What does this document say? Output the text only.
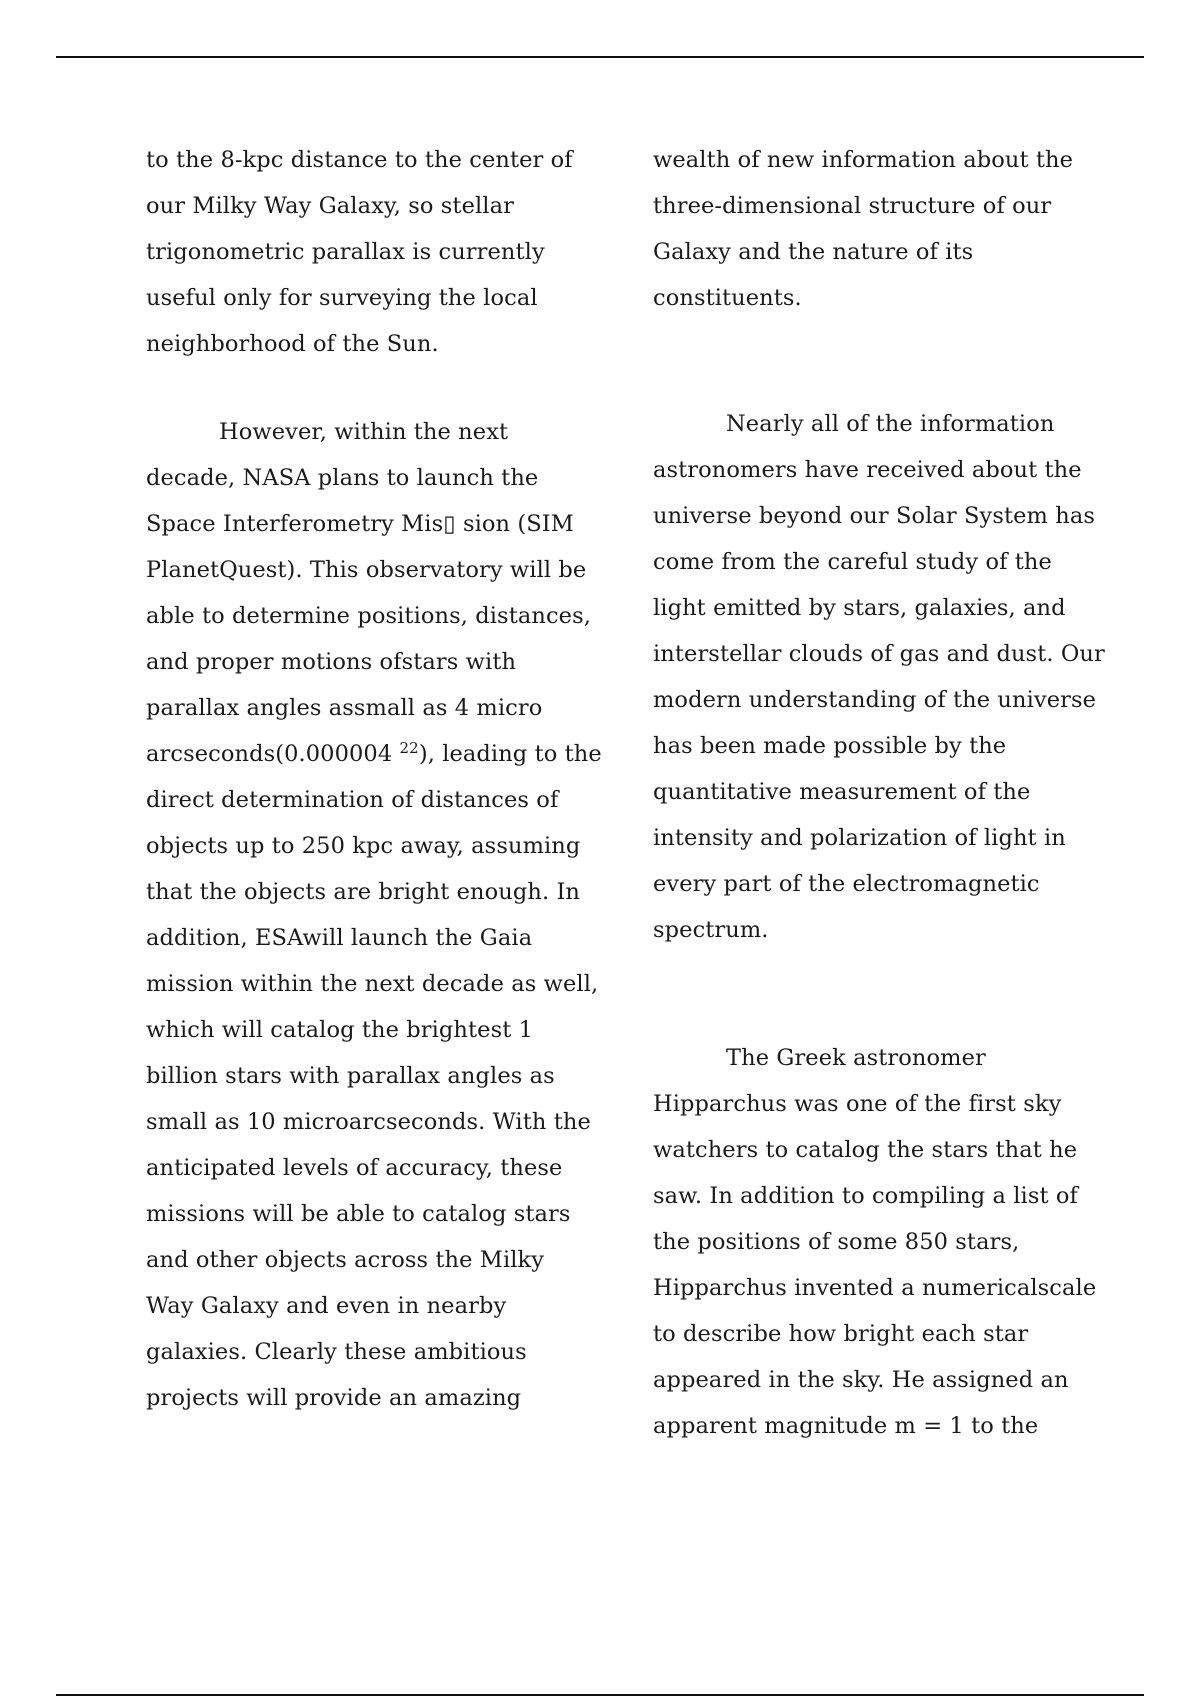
to the 8-kpc distance to the center of
our Milky Way Galaxy, so stellar
trigonometric parallax is currently
useful only for surveying the local
neighborhood of the Sun.
However, within the next
decade, NASA plans to launch the
Space Interferometry Mis▯ sion (SIM
PlanetQuest). This observatory will be
able to determine positions, distances,
and proper motions ofstars with
parallax angles assmall as 4 micro
arcseconds(0.000004 $^{22}$), leading to the
direct determination of distances of
objects up to 250 kpc away, assuming
that the objects are bright enough. In
addition, ESAwill launch the Gaia
mission within the next decade as well,
which will catalog the brightest 1
billion stars with parallax angles as
small as 10 microarcseconds. With the
anticipated levels of accuracy, these
missions will be able to catalog stars
and other objects across the Milky
Way Galaxy and even in nearby
galaxies. Clearly these ambitious
projects will provide an amazing
wealth of new information about the
three-dimensional structure of our
Galaxy and the nature of its
constituents.
Nearly all of the information
astronomers have received about the
universe beyond our Solar System has
come from the careful study of the
light emitted by stars, galaxies, and
interstellar clouds of gas and dust. Our
modern understanding of the universe
has been made possible by the
quantitative measurement of the
intensity and polarization of light in
every part of the electromagnetic
spectrum.
The Greek astronomer
Hipparchus was one of the first sky
watchers to catalog the stars that he
saw. In addition to compiling a list of
the positions of some 850 stars,
Hipparchus invented a numericalscale
to describe how bright each star
appeared in the sky. He assigned an
apparent magnitude m = 1 to the
